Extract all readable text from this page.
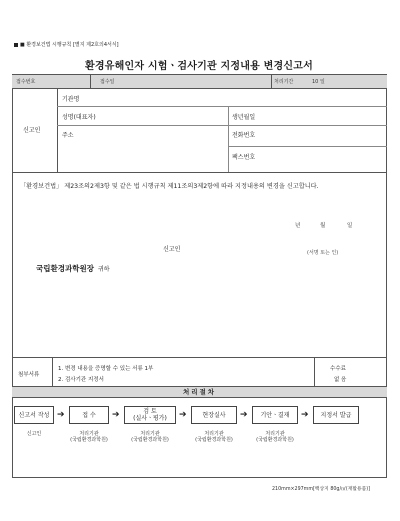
■ 환경보건법 시행규칙 [별지 제2호의4서식]
환경유해인자 시험ㆍ검사기관 지정내용 변경신고서
접수번호	접수일	처리기간	10 일
신고인
기관명
성명(대표자)	생년월일
주소	전화번호
팩스번호
「환경보건법」 제23조의2제3항 및 같은 법 시행규칙 제11조의3제2항에 따라 지정내용의 변경을 신고합니다.
년	월	일
신고인	(서명 또는 인)
국립환경과학원장 귀하
첨부서류
1. 변경 내용을 증명할 수 있는 서류 1부
2. 검사기관 지정서
수수료
없 음
처리절차
신고서 작성 ➔	접 수 ➔	검 토
(실사ㆍ평가) ➔	현장실사 ➔ 기안ㆍ결재 ➔ 지정서 발급
신고인	처리기관
(국립환경과학원)
처리기관
(국립환경과학원)
처리기관
(국립환경과학원)
처리기관
(국립환경과학원)
210mm×297mm[백상지 80g/㎡(재활용품)]
